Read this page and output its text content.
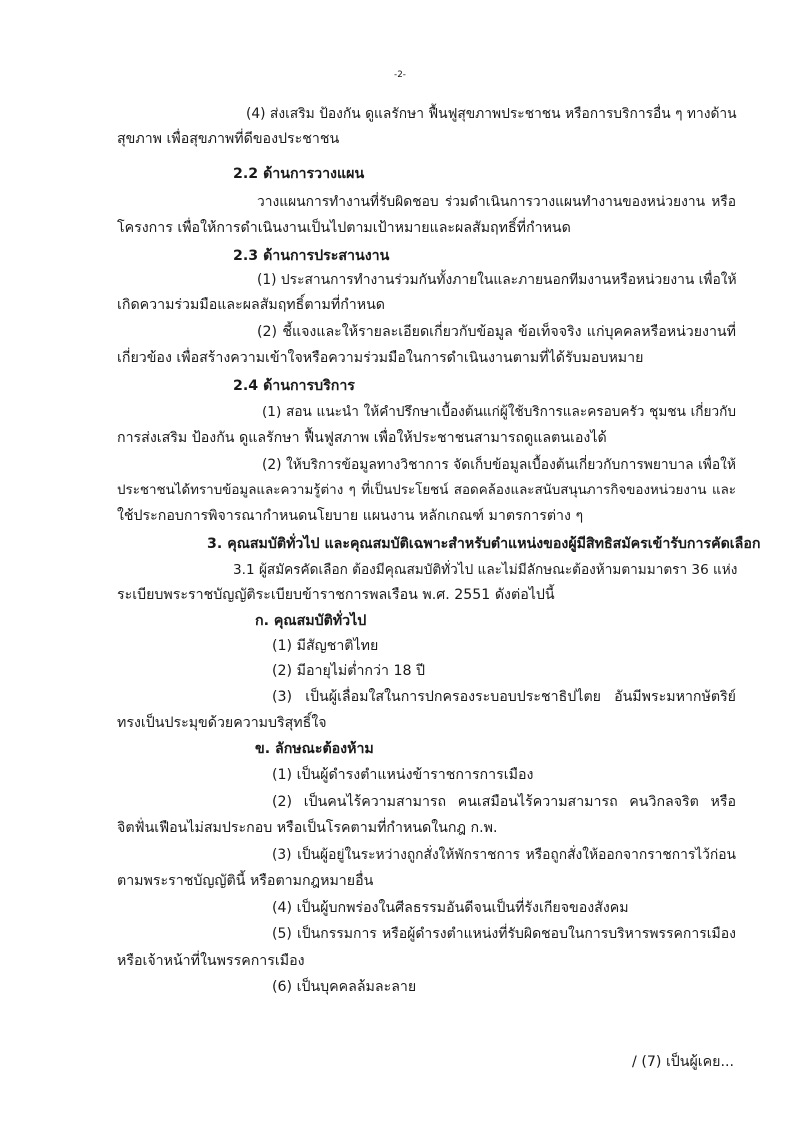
-2-
(4) ส่งเสริม ป้องกัน ดูแลรักษา ฟื้นฟูสุขภาพประชาชน หรือการบริการอื่น ๆ ทางด้าน
สุขภาพ เพื่อสุขภาพที่ดีของประชาชน
2.2 ด้านการวางแผน
วางแผนการทำงานที่รับผิดชอบ ร่วมดำเนินการวางแผนทำงานของหน่วยงาน หรือ
โครงการ เพื่อให้การดำเนินงานเป็นไปตามเป้าหมายและผลสัมฤทธิ์ที่กำหนด
2.3 ด้านการประสานงาน
(1) ประสานการทำงานร่วมกันทั้งภายในและภายนอกทีมงานหรือหน่วยงาน เพื่อให้
เกิดความร่วมมือและผลสัมฤทธิ์ตามที่กำหนด
(2) ชี้แจงและให้รายละเอียดเกี่ยวกับข้อมูล ข้อเท็จจริง แก่บุคคลหรือหน่วยงานที่
เกี่ยวข้อง เพื่อสร้างความเข้าใจหรือความร่วมมือในการดำเนินงานตามที่ได้รับมอบหมาย
2.4 ด้านการบริการ
(1) สอน แนะนำ ให้คำปรึกษาเบื้องต้นแก่ผู้ใช้บริการและครอบครัว ชุมชน เกี่ยวกับ
การส่งเสริม ป้องกัน ดูแลรักษา ฟื้นฟูสภาพ เพื่อให้ประชาชนสามารถดูแลตนเองได้
(2) ให้บริการข้อมูลทางวิชาการ จัดเก็บข้อมูลเบื้องต้นเกี่ยวกับการพยาบาล เพื่อให้
ประชาชนได้ทราบข้อมูลและความรู้ต่าง ๆ ที่เป็นประโยชน์ สอดคล้องและสนับสนุนภารกิจของหน่วยงาน และ
ใช้ประกอบการพิจารณากำหนดนโยบาย แผนงาน หลักเกณฑ์ มาตรการต่าง ๆ
3. คุณสมบัติทั่วไป และคุณสมบัติเฉพาะสำหรับตำแหน่งของผู้มีสิทธิสมัครเข้ารับการคัดเลือก
3.1 ผู้สมัครคัดเลือก ต้องมีคุณสมบัติทั่วไป และไม่มีลักษณะต้องห้ามตามมาตรา 36 แห่ง
ระเบียบพระราชบัญญัติระเบียบข้าราชการพลเรือน พ.ศ. 2551 ดังต่อไปนี้
ก. คุณสมบัติทั่วไป
(1) มีสัญชาติไทย
(2) มีอายุไม่ต่ำกว่า 18 ปี
(3) เป็นผู้เลื่อมใสในการปกครองระบอบประชาธิปไตย อันมีพระมหากษัตริย์
ทรงเป็นประมุขด้วยความบริสุทธิ์ใจ
ข. ลักษณะต้องห้าม
(1) เป็นผู้ดำรงตำแหน่งข้าราชการการเมือง
(2) เป็นคนไร้ความสามารถ คนเสมือนไร้ความสามารถ คนวิกลจริต หรือ
จิตฟั่นเฟือนไม่สมประกอบ หรือเป็นโรคตามที่กำหนดในกฎ ก.พ.
(3) เป็นผู้อยู่ในระหว่างถูกสั่งให้พักราชการ หรือถูกสั่งให้ออกจากราชการไว้ก่อน
ตามพระราชบัญญัตินี้ หรือตามกฎหมายอื่น
(4) เป็นผู้บกพร่องในศีลธรรมอันดีจนเป็นที่รังเกียจของสังคม
(5) เป็นกรรมการ หรือผู้ดำรงตำแหน่งที่รับผิดชอบในการบริหารพรรคการเมือง
หรือเจ้าหน้าที่ในพรรคการเมือง
(6) เป็นบุคคลล้มละลาย
/ (7) เป็นผู้เคย...
